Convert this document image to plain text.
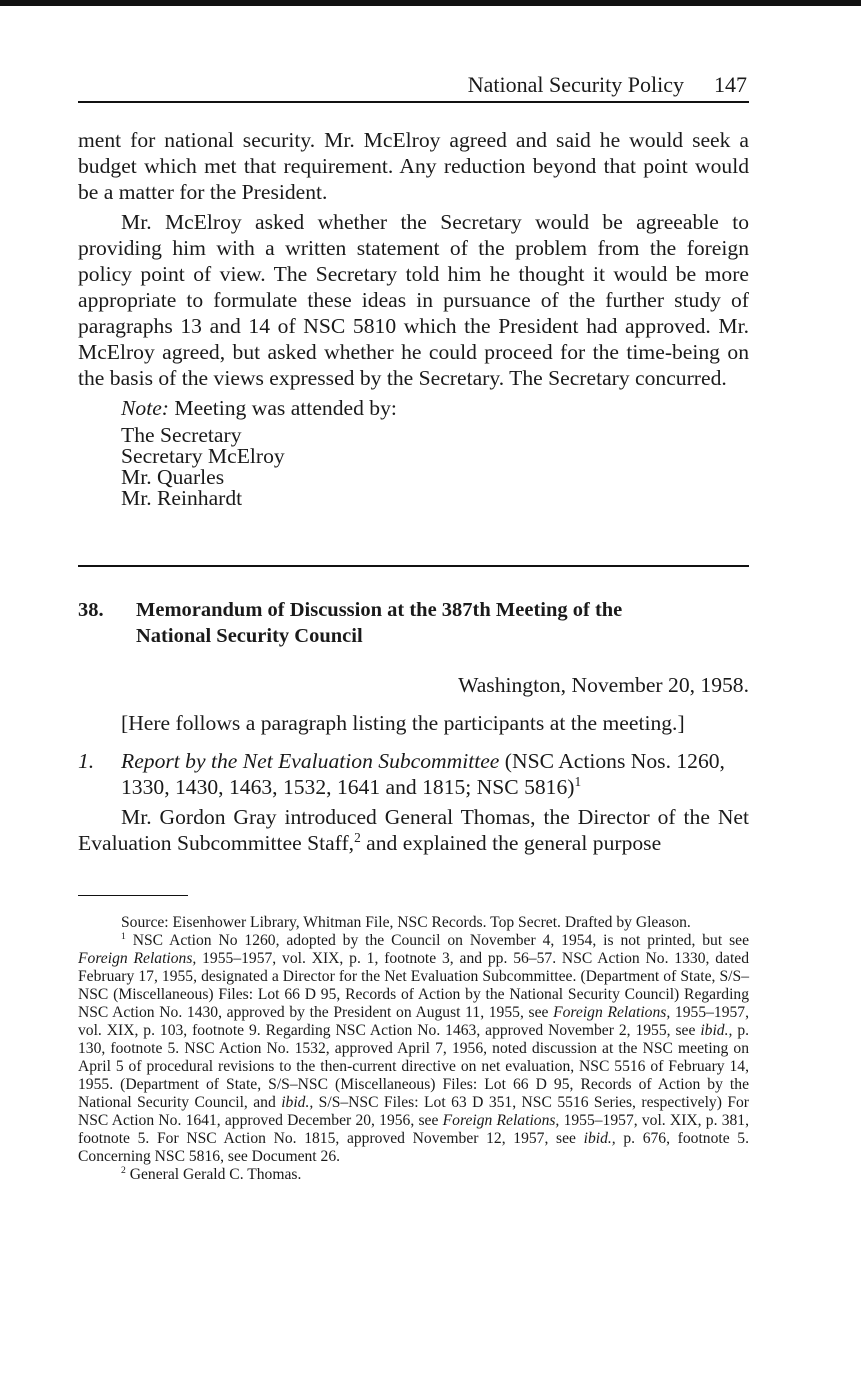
National Security Policy 147

ment for national security. Mr. McElroy agreed and said he would seek a budget which met that requirement. Any reduction beyond that point would be a matter for the President.

Mr. McElroy asked whether the Secretary would be agreeable to providing him with a written statement of the problem from the foreign policy point of view. The Secretary told him he thought it would be more appropriate to formulate these ideas in pursuance of the further study of paragraphs 13 and 14 of NSC 5810 which the President had approved. Mr. McElroy agreed, but asked whether he could proceed for the time-being on the basis of the views expressed by the Secretary. The Secretary concurred.

Note: Meeting was attended by:
The Secretary
Secretary McElroy
Mr. Quarles
Mr. Reinhardt
38.	Memorandum of Discussion at the 387th Meeting of the
National Security Council
Washington, November 20, 1958.

[Here follows a paragraph listing the participants at the meeting.]

1.	Report by the Net Evaluation Subcommittee (NSC Actions Nos. 1260,
1330, 1430, 1463, 1532, 1641 and 1815; NSC 5816)$^1$

Mr. Gordon Gray introduced General Thomas, the Director of the Net Evaluation Subcommittee Staff,$^2$ and explained the general purpose

Source: Eisenhower Library, Whitman File, NSC Records. Top Secret. Drafted by Gleason.

$^1$ NSC Action No 1260, adopted by the Council on November 4, 1954, is not printed, but see Foreign Relations, 1955–1957, vol. XIX, p. 1, footnote 3, and pp. 56–57. NSC Action No. 1330, dated February 17, 1955, designated a Director for the Net Evaluation Subcommittee. (Department of State, S/S–NSC (Miscellaneous) Files: Lot 66 D 95, Records of Action by the National Security Council) Regarding NSC Action No. 1430, approved by the President on August 11, 1955, see Foreign Relations, 1955–1957, vol. XIX, p. 103, footnote 9. Regarding NSC Action No. 1463, approved November 2, 1955, see ibid., p. 130, footnote 5. NSC Action No. 1532, approved April 7, 1956, noted discussion at the NSC meeting on April 5 of procedural revisions to the then-current directive on net evaluation, NSC 5516 of February 14, 1955. (Department of State, S/S–NSC (Miscellaneous) Files: Lot 66 D 95, Records of Action by the National Security Council, and ibid., S/S–NSC Files: Lot 63 D 351, NSC 5516 Series, respectively) For NSC Action No. 1641, approved December 20, 1956, see Foreign Relations, 1955–1957, vol. XIX, p. 381, footnote 5. For NSC Action No. 1815, approved November 12, 1957, see ibid., p. 676, footnote 5. Concerning NSC 5816, see Document 26.

$^2$ General Gerald C. Thomas.
